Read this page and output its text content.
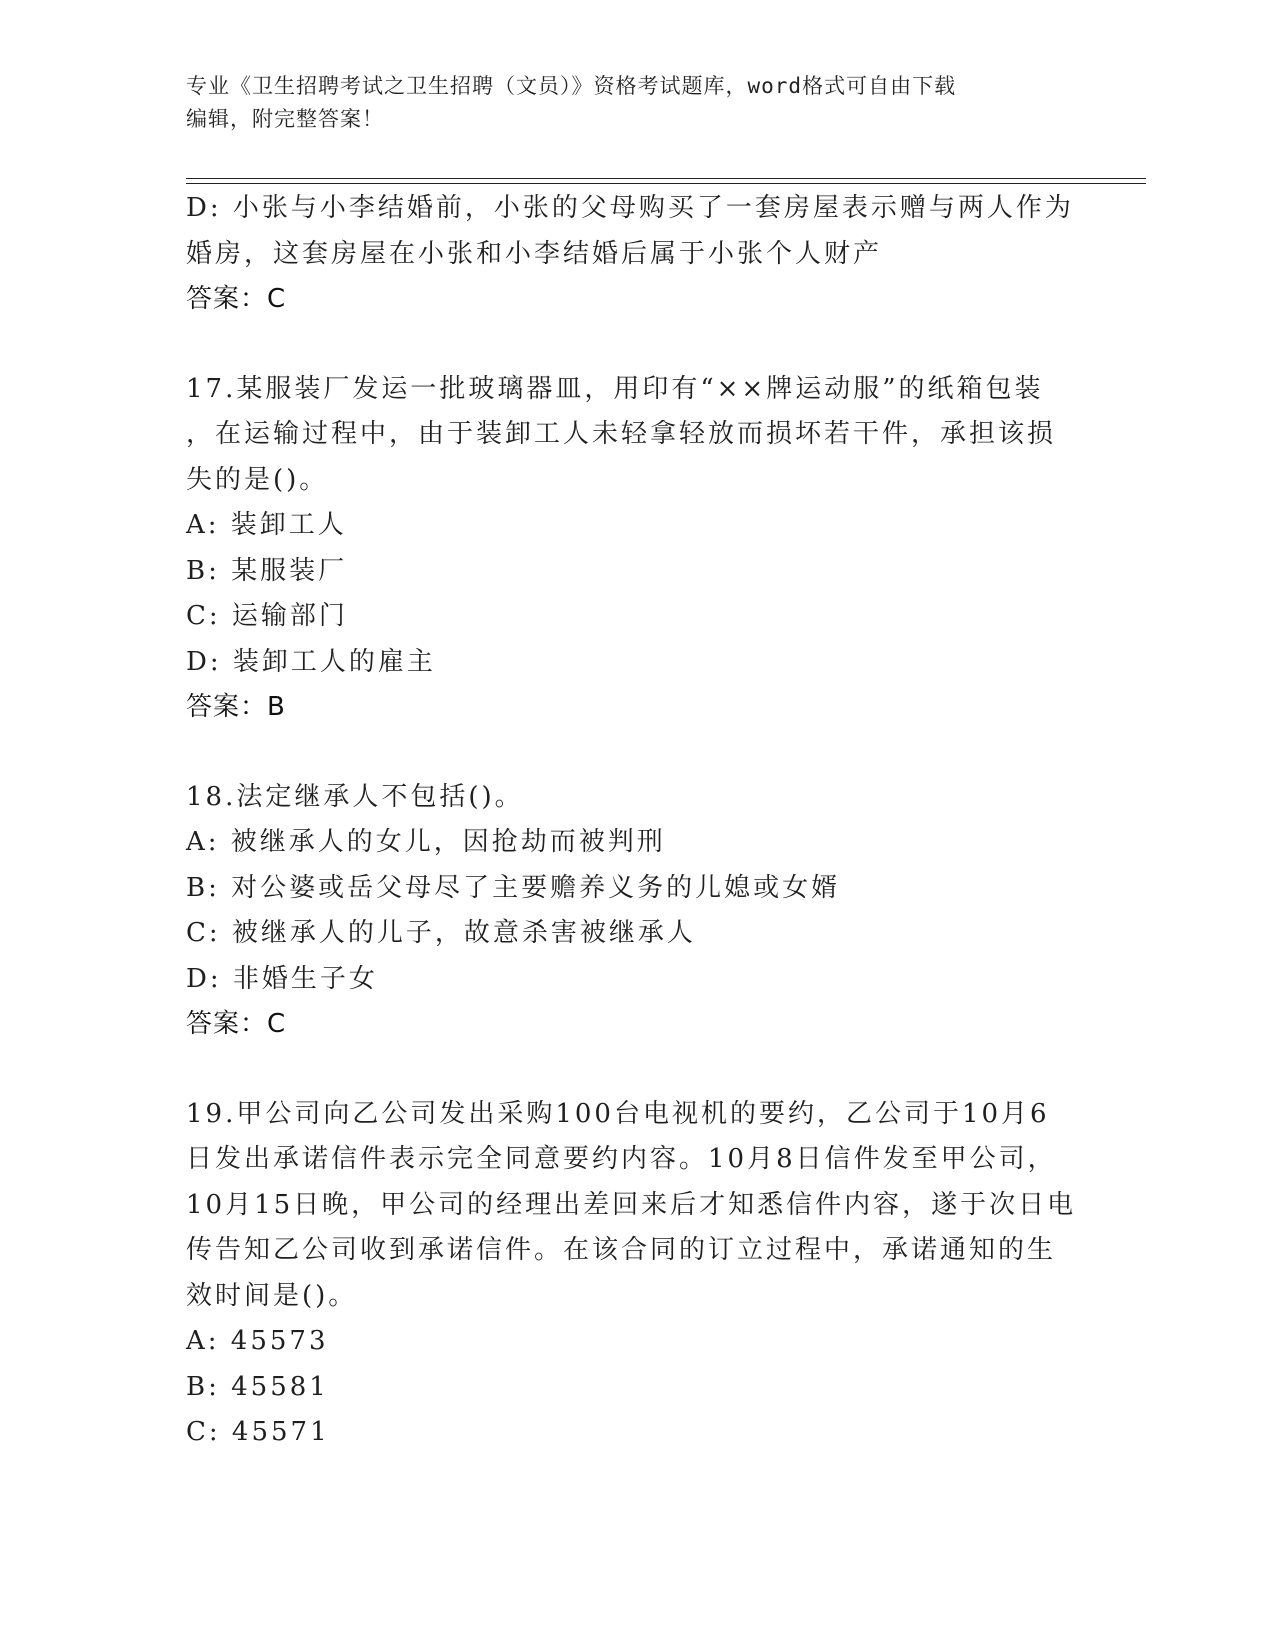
专业《卫生招聘考试之卫生招聘（文员）》资格考试题库，word格式可自由下载
编辑，附完整答案！
D: 小张与小李结婚前，小张的父母购买了一套房屋表示赠与两人作为
婚房，这套房屋在小张和小李结婚后属于小张个人财产
答案：C
17.某服装厂发运一批玻璃器皿，用印有“××牌运动服”的纸箱包装
，在运输过程中，由于装卸工人未轻拿轻放而损坏若干件，承担该损
失的是()。
A: 装卸工人
B: 某服装厂
C: 运输部门
D: 装卸工人的雇主
答案：B
18.法定继承人不包括()。
A: 被继承人的女儿，因抢劫而被判刑
B: 对公婆或岳父母尽了主要赡养义务的儿媳或女婿
C: 被继承人的儿子，故意杀害被继承人
D: 非婚生子女
答案：C
19.甲公司向乙公司发出采购100台电视机的要约，乙公司于10月6
日发出承诺信件表示完全同意要约内容。10月8日信件发至甲公司，
10月15日晚，甲公司的经理出差回来后才知悉信件内容，遂于次日电
传告知乙公司收到承诺信件。在该合同的订立过程中，承诺通知的生
效时间是()。
A: 45573
B: 45581
C: 45571
